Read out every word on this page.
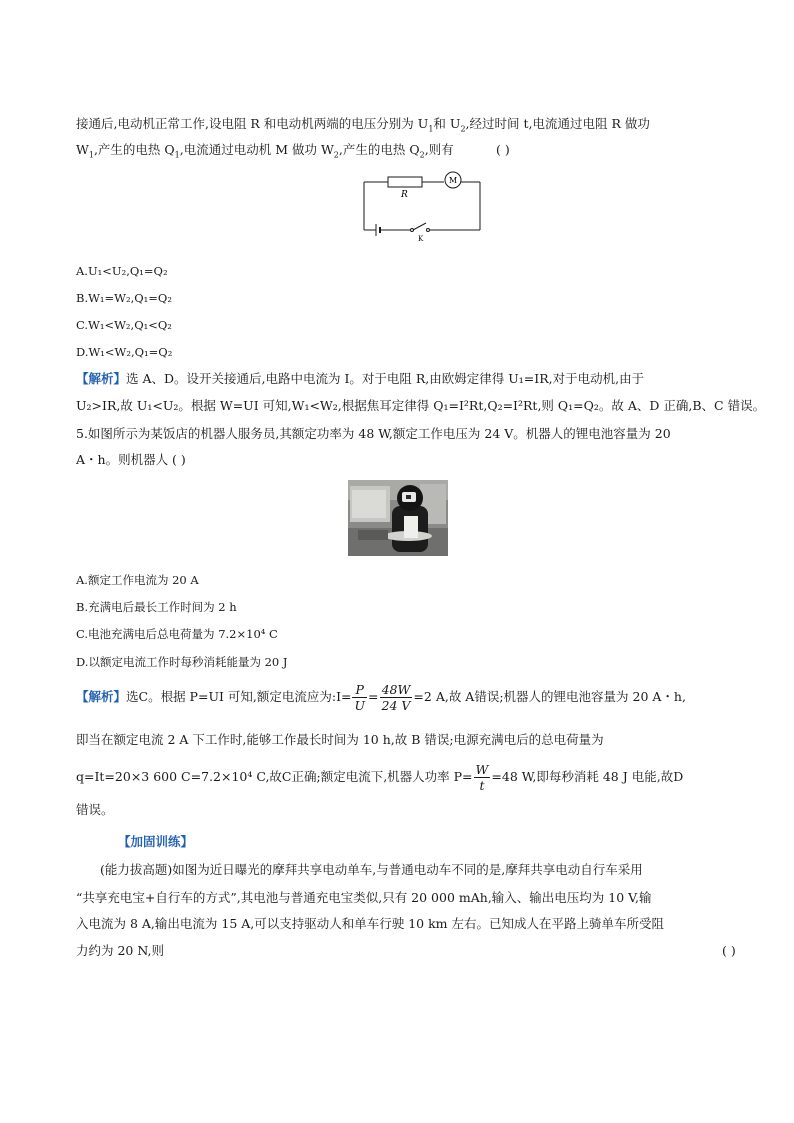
接通后,电动机正常工作,设电阻 R 和电动机两端的电压分别为 $U_1$和 $U_2$,经过时间 t,电流通过电阻 R 做功
$W_1$,产生的电热 $Q_1$,电流通过电动机 M 做功 $W_2$,产生的电热 $Q_2$,则有	( )
R
M
K
A.U₁<U₂,Q₁=Q₂
B.W₁=W₂,Q₁=Q₂
C.W₁<W₂,Q₁<Q₂
D.W₁<W₂,Q₁=Q₂
【解析】选 A、D。设开关接通后,电路中电流为 I。对于电阻 R,由欧姆定律得 U₁=IR,对于电动机,由于
U₂>IR,故 U₁<U₂。根据 W=UI 可知,W₁<W₂,根据焦耳定律得 Q₁=I²Rt,Q₂=I²Rt,则 Q₁=Q₂。故 A、D 正确,B、C 错误。
5.如图所示为某饭店的机器人服务员,其额定功率为 48 W,额定工作电压为 24 V。机器人的锂电池容量为 20
A・h。则机器人 ( )
A.额定工作电流为 20 A
B.充满电后最长工作时间为 2 h
C.电池充满电后总电荷量为 7.2×10⁴ C
D.以额定电流工作时每秒消耗能量为 20 J
【解析】选C。根据 P=UI 可知,额定电流应为:I= $\frac{P}{U} = \frac{48W}{24 V} =2$ A,故 A错误;机器人的锂电池容量为 20 A・h,
即当在额定电流 2 A 下工作时,能够工作最长时间为 10 h,故 B 错误;电源充满电后的总电荷量为
q=It=20×3 600 C=7.2×10⁴ C,故C正确;额定电流下,机器人功率 $P= \frac{W}{t} =48$ W,即每秒消耗 48 J 电能,故D
错误。
【加固训练】
(能力拔高题)如图为近日曝光的摩拜共享电动单车,与普通电动车不同的是,摩拜共享电动自行车采用
“共享充电宝+自行车的方式”,其电池与普通充电宝类似,只有 20 000 mAh,输入、输出电压均为 10 V,输
入电流为 8 A,输出电流为 15 A,可以支持驱动人和单车行驶 10 km 左右。已知成人在平路上骑单车所受阻
力约为 20 N,则	( )
